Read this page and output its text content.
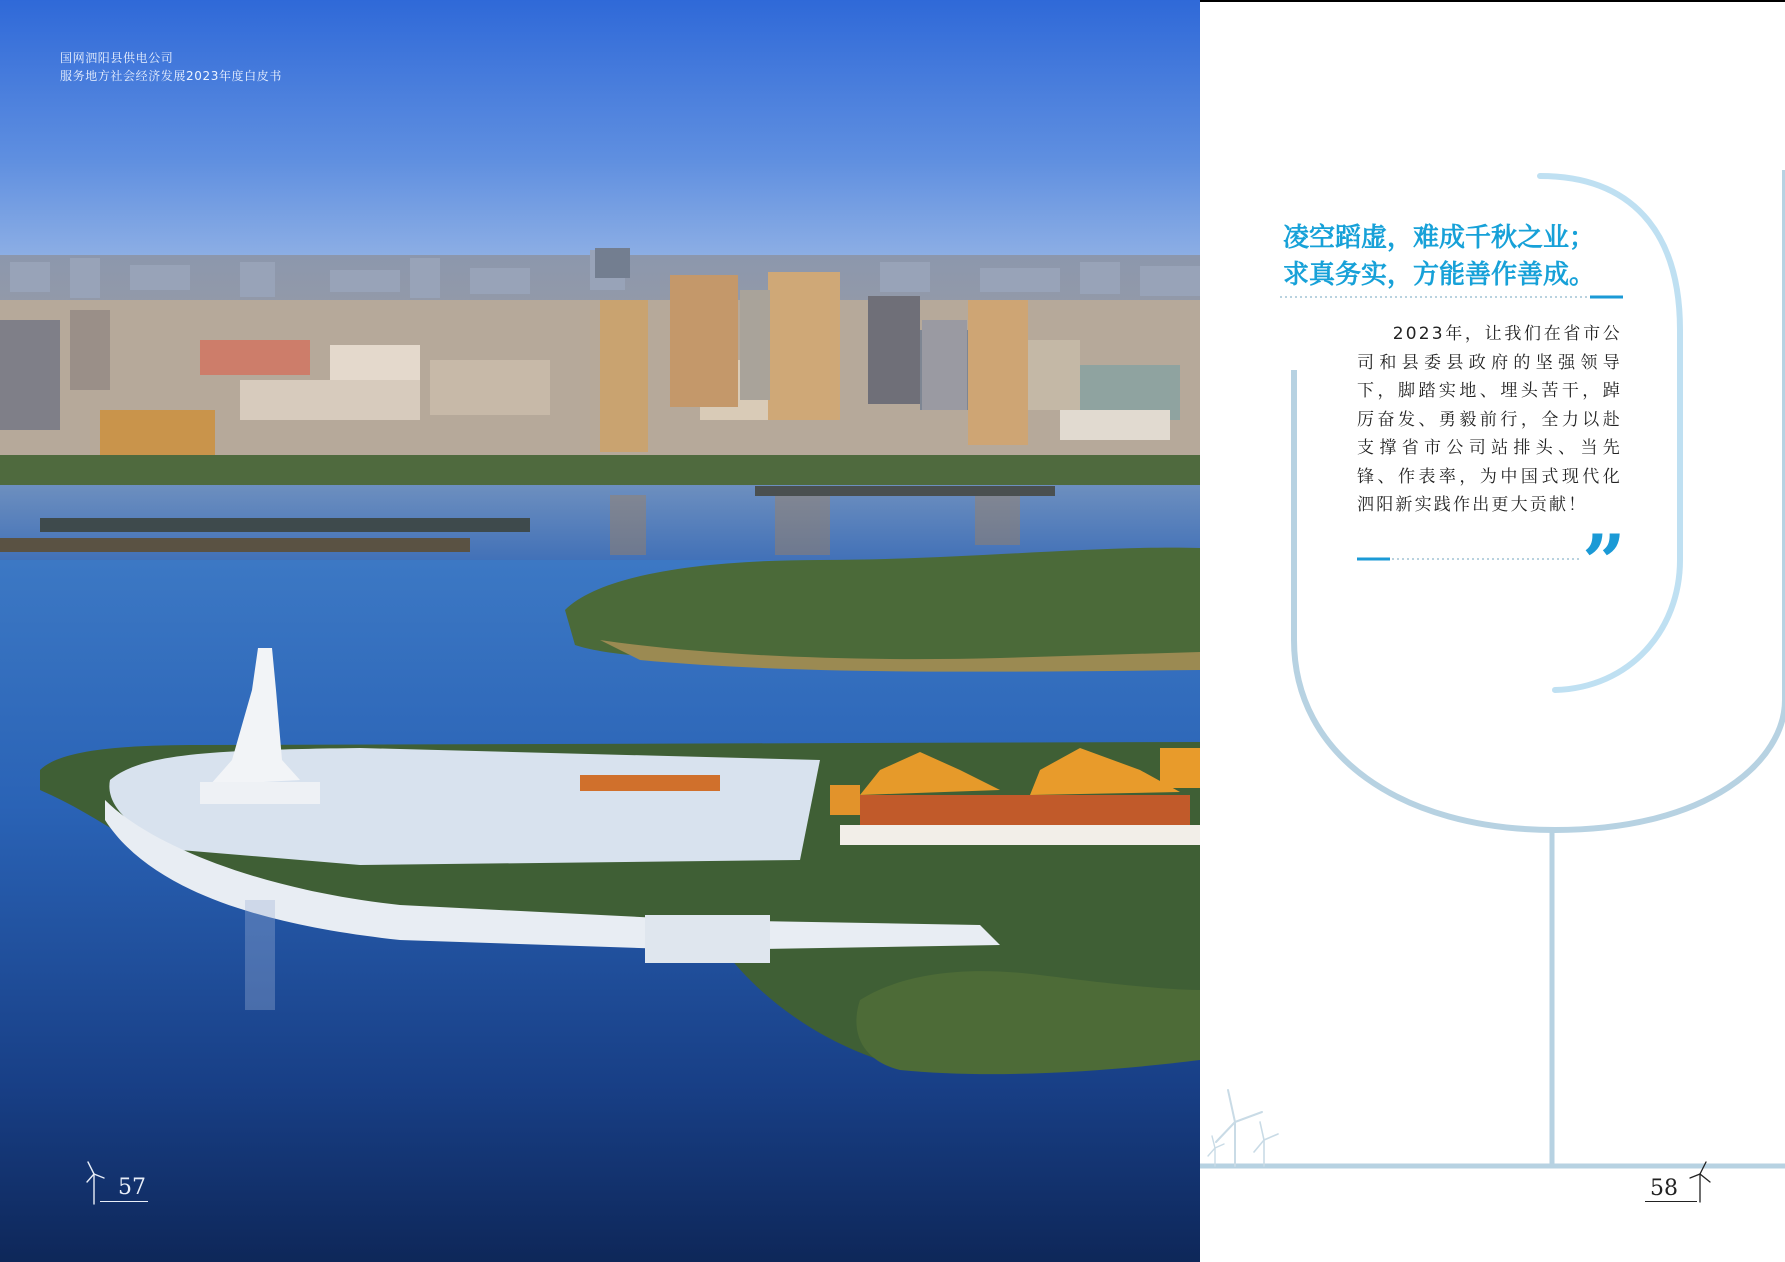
国网泗阳县供电公司
服务地方社会经济发展2023年度白皮书
57
凌空蹈虚，难成千秋之业；
求真务实，方能善作善成。
2023年，让我们在省市公司和县委县政府的坚强领导下，脚踏实地、埋头苦干，踔厉奋发、勇毅前行，全力以赴支撑省市公司站排头、当先锋、作表率，为中国式现代化泗阳新实践作出更大贡献！
”
58
